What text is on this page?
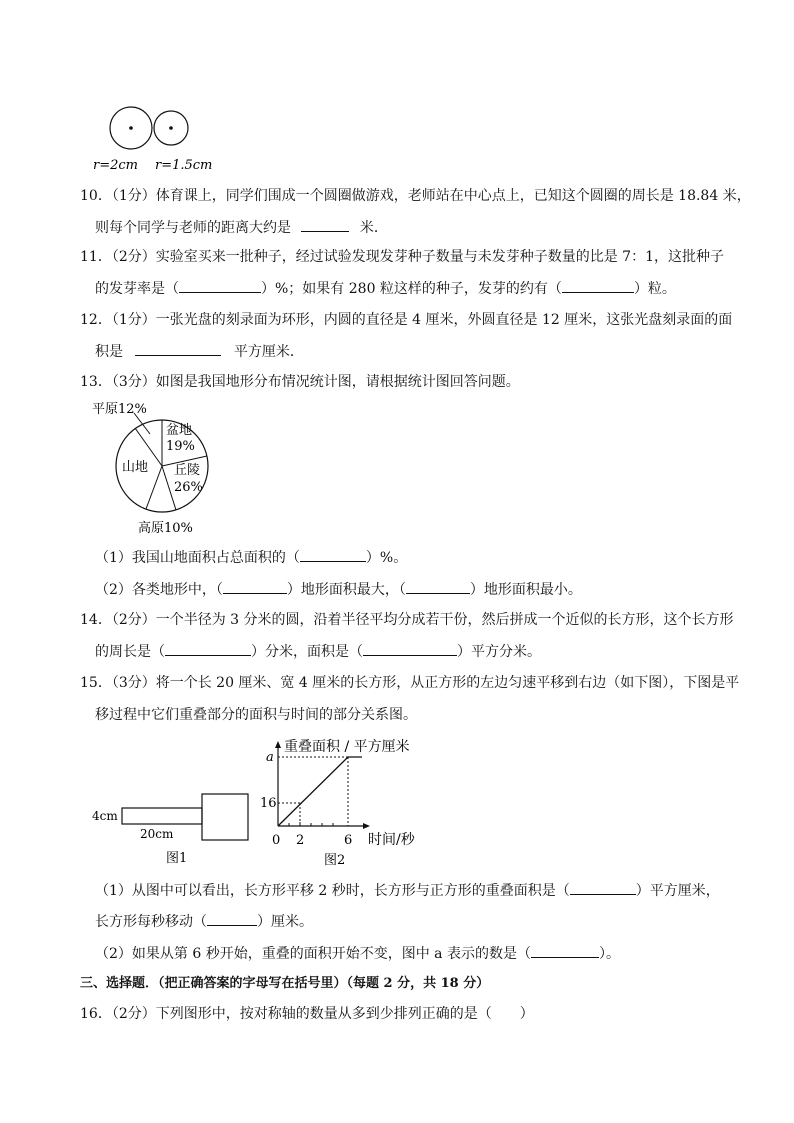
r=2cm r=1.5cm
10．（1分）体育课上，同学们围成一个圆圈做游戏，老师站在中心点上，已知这个圆圈的周长是 18.84 米，
则每个同学与老师的距离大约是	米．
11．（2分）实验室买来一批种子，经过试验发现发芽种子数量与未发芽种子数量的比是 7：1，这批种子
的发芽率是（	）%；如果有 280 粒这样的种子，发芽的约有（	）粒。
12．（1分）一张光盘的刻录面为环形，内圆的直径是 4 厘米，外圆直径是 12 厘米，这张光盘刻录面的面
积是	平方厘米．
13．（3分）如图是我国地形分布情况统计图，请根据统计图回答问题。
平原12%
盆地
19%
山地 丘陵
26%
高原10%
（1）我国山地面积占总面积的（	）%。
（2）各类地形中，（	）地形面积最大，（	）地形面积最小。
14．（2分）一个半径为 3 分米的圆，沿着半径平均分成若干份，然后拼成一个近似的长方形，这个长方形
的周长是（	）分米，面积是（	）平方分米。
15．（3分）将一个长 20 厘米、宽 4 厘米的长方形，从正方形的左边匀速平移到右边（如下图），下图是平
移过程中它们重叠部分的面积与时间的部分关系图。
4cm
20cm
图1
重叠面积 / 平方厘米
a
16
0 2	6 时间/秒
图2
（1）从图中可以看出，长方形平移 2 秒时，长方形与正方形的重叠面积是（	）平方厘米，
长方形每秒移动（	）厘米。
（2）如果从第 6 秒开始，重叠的面积开始不变，图中 a 表示的数是（	）。
三、选择题．（把正确答案的字母写在括号里）（每题 2 分，共 18 分）
16．（2分）下列图形中，按对称轴的数量从多到少排列正确的是（　　）
